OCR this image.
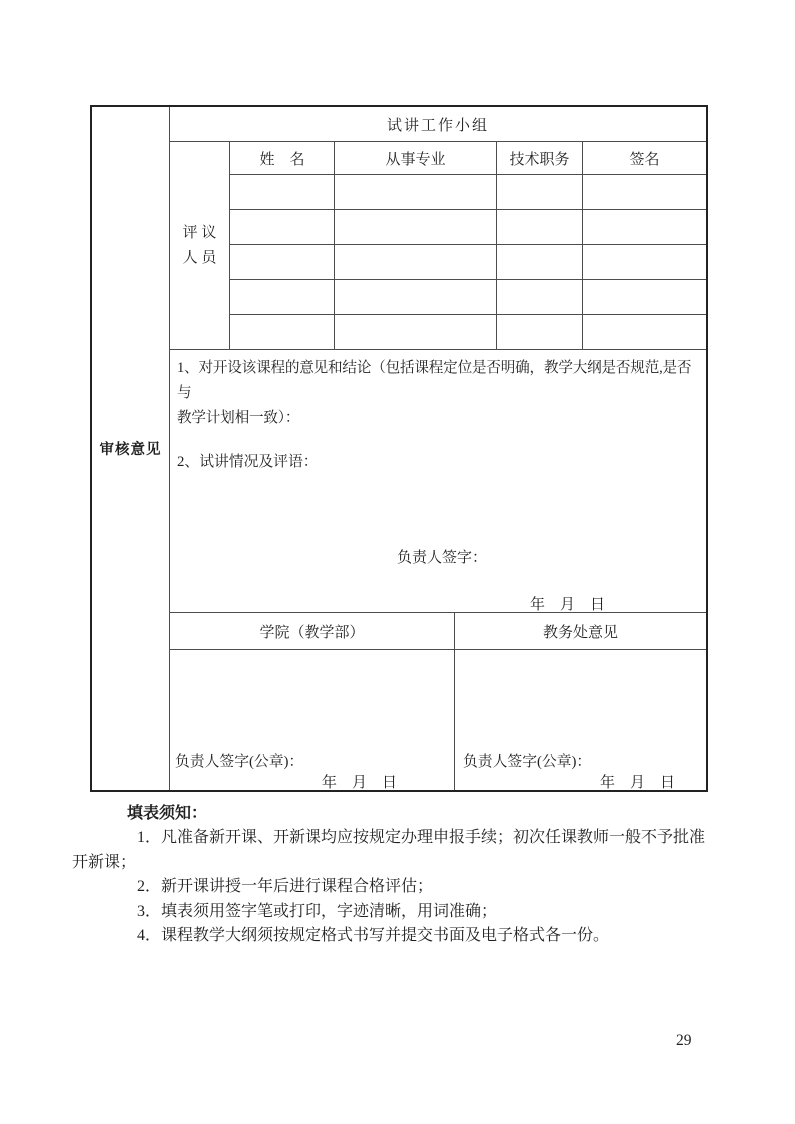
审核意见
试讲工作小组
评 议
人 员
姓　名	从事专业	技术职务	签名
1、对开设该课程的意见和结论（包括课程定位是否明确，教学大纲是否规范,是否与
教学计划相一致）：
2、试讲情况及评语：
负责人签字：
年　月　日
学院（教学部）	教务处意见
负责人签字(公章)：
年　月　日
负责人签字(公章)：
年　月　日
填表须知：
1．凡准备新开课、开新课均应按规定办理申报手续；初次任课教师一般不予批准
开新课；
2．新开课讲授一年后进行课程合格评估；
3．填表须用签字笔或打印，字迹清晰，用词准确；
4．课程教学大纲须按规定格式书写并提交书面及电子格式各一份。
29
